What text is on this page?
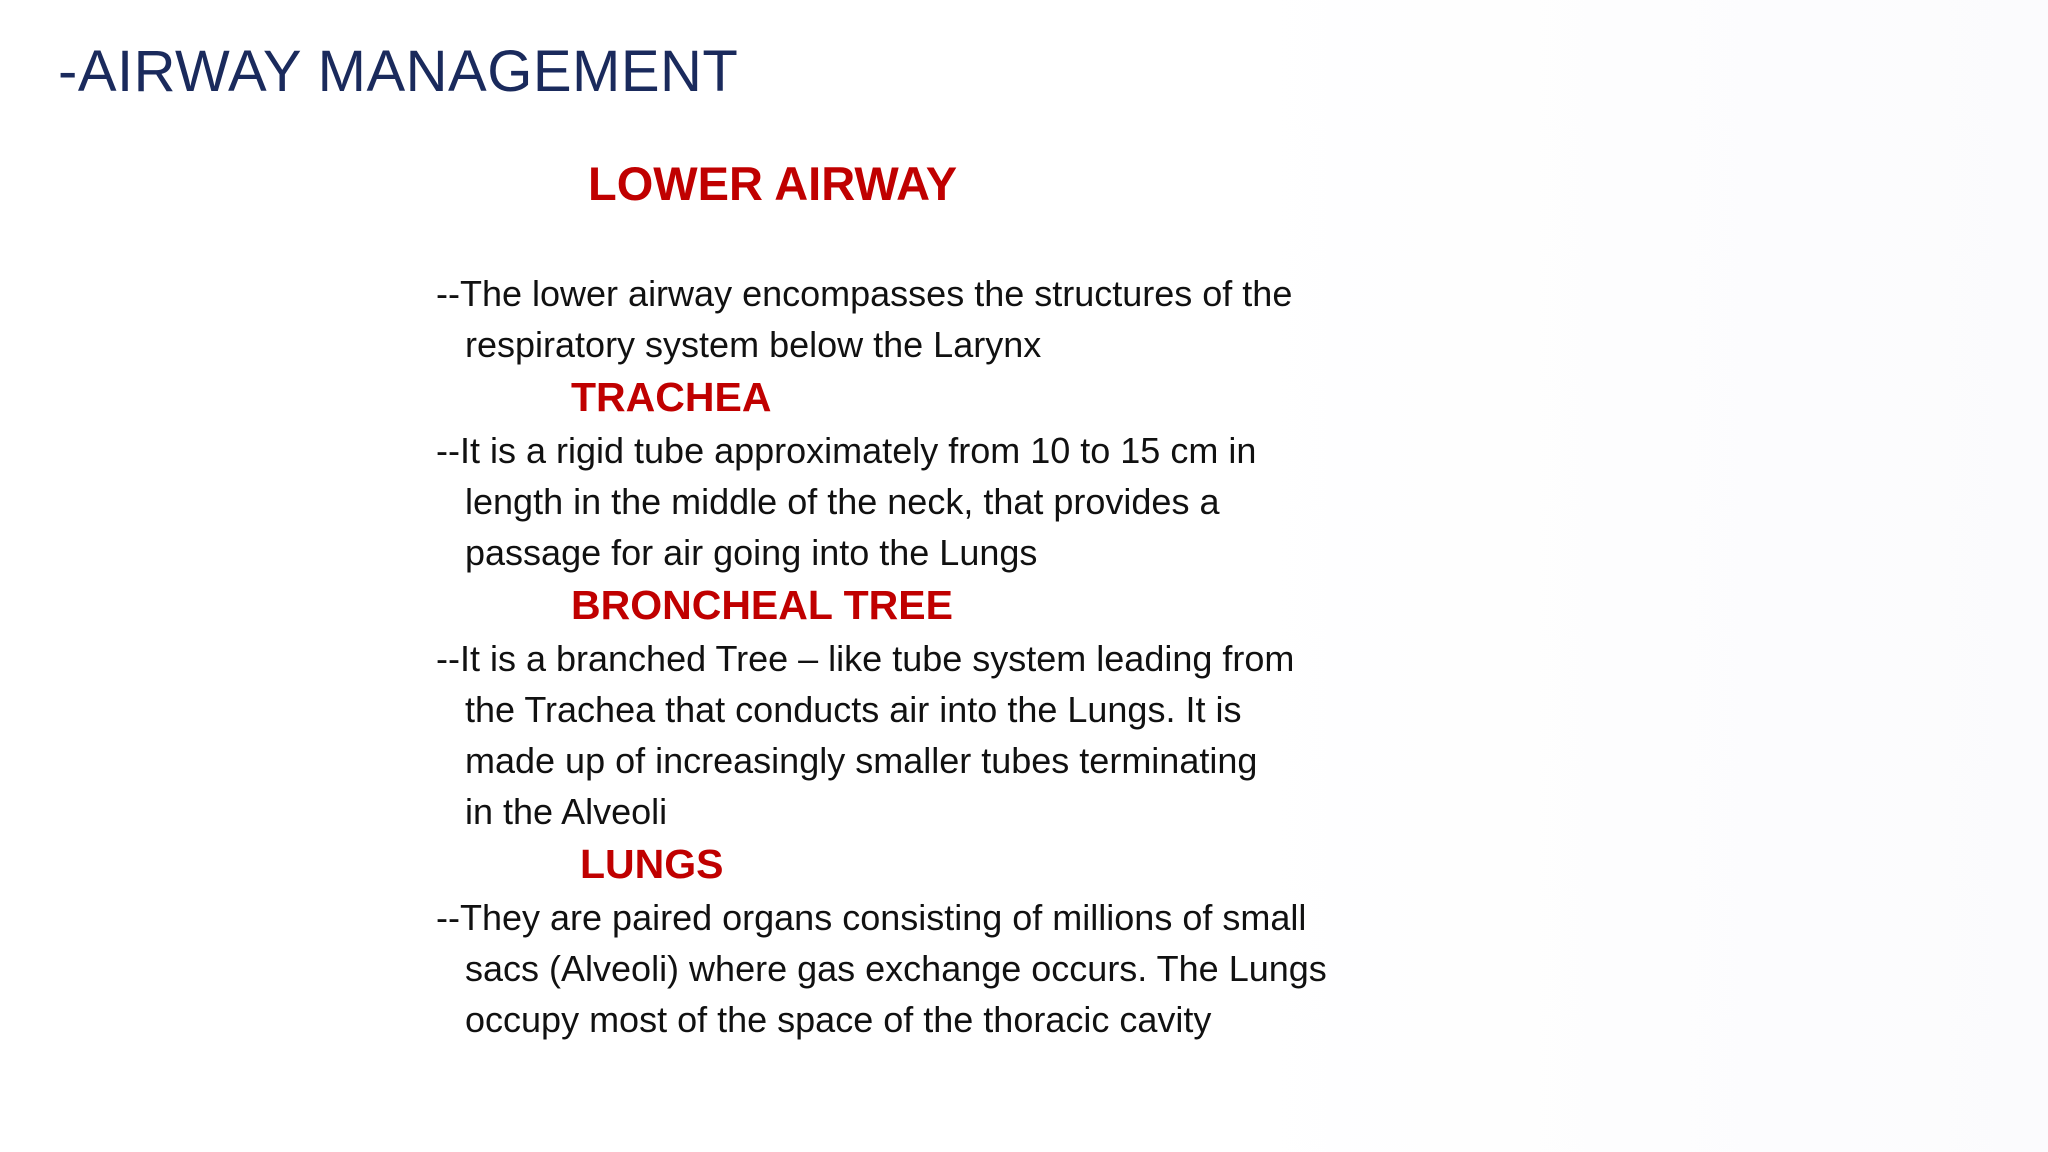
-AIRWAY MANAGEMENT
LOWER AIRWAY

--The lower airway encompasses the structures of the
respiratory system below the Larynx

TRACHEA

--It is a rigid tube approximately from 10 to 15 cm in
length in the middle of the neck, that provides a
passage for air going into the Lungs

BRONCHEAL TREE

--It is a branched Tree – like tube system leading from
the Trachea that conducts air into the Lungs. It is
made up of increasingly smaller tubes terminating
in the Alveoli

LUNGS

--They are paired organs consisting of millions of small
sacs (Alveoli) where gas exchange occurs. The Lungs
occupy most of the space of the thoracic cavity
